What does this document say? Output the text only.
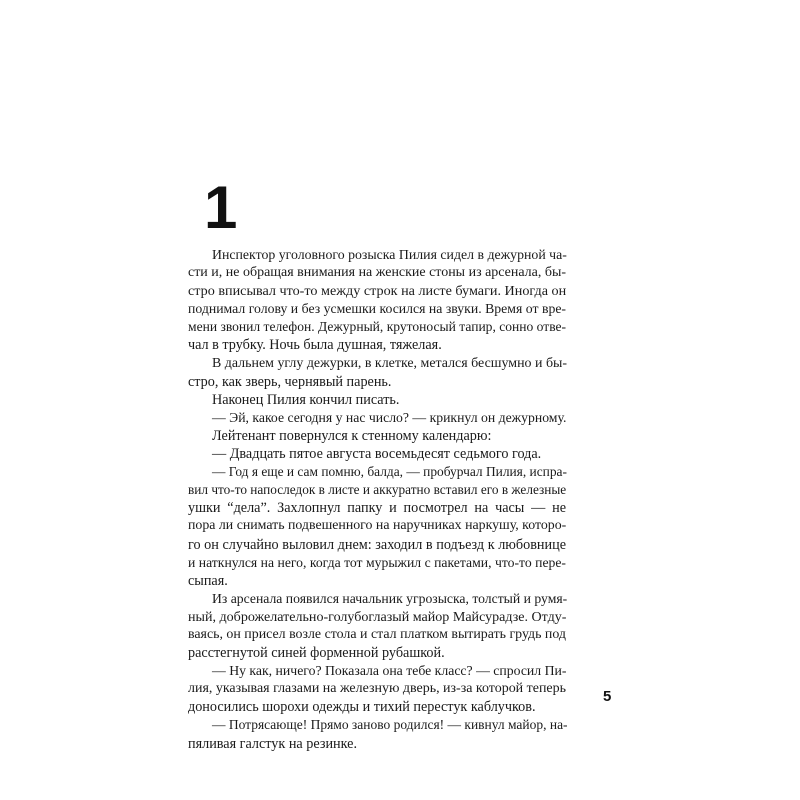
1
Инспектор уголовного розыска Пилия сидел в дежурной ча-
сти и, не обращая внимания на женские стоны из арсенала, бы-
стро вписывал что-то между строк на листе бумаги. Иногда он
поднимал голову и без усмешки косился на звуки. Время от вре-
мени звонил телефон. Дежурный, крутоносый тапир, сонно отве-
чал в трубку. Ночь была душная, тяжелая.
В дальнем углу дежурки, в клетке, метался бесшумно и бы-
стро, как зверь, чернявый парень.
Наконец Пилия кончил писать.
— Эй, какое сегодня у нас число? — крикнул он дежурному.
Лейтенант повернулся к стенному календарю:
— Двадцать пятое августа восемьдесят седьмого года.
— Год я еще и сам помню, балда, — пробурчал Пилия, испра-
вил что-то напоследок в листе и аккуратно вставил его в железные
ушки “дела”. Захлопнул папку и посмотрел на часы — не
пора ли снимать подвешенного на наручниках наркушу, которо-
го он случайно выловил днем: заходил в подъезд к любовнице
и наткнулся на него, когда тот мурыжил с пакетами, что-то пере-
сыпая.
Из арсенала появился начальник угрозыска, толстый и румя-
ный, доброжелательно-голубоглазый майор Майсурадзе. Отду-
ваясь, он присел возле стола и стал платком вытирать грудь под
расстегнутой синей форменной рубашкой.
— Ну как, ничего? Показала она тебе класс? — спросил Пи-
лия, указывая глазами на железную дверь, из-за которой теперь
доносились шорохи одежды и тихий перестук каблучков.
— Потрясающе! Прямо заново родился! — кивнул майор, на-
пяливая галстук на резинке.
5
